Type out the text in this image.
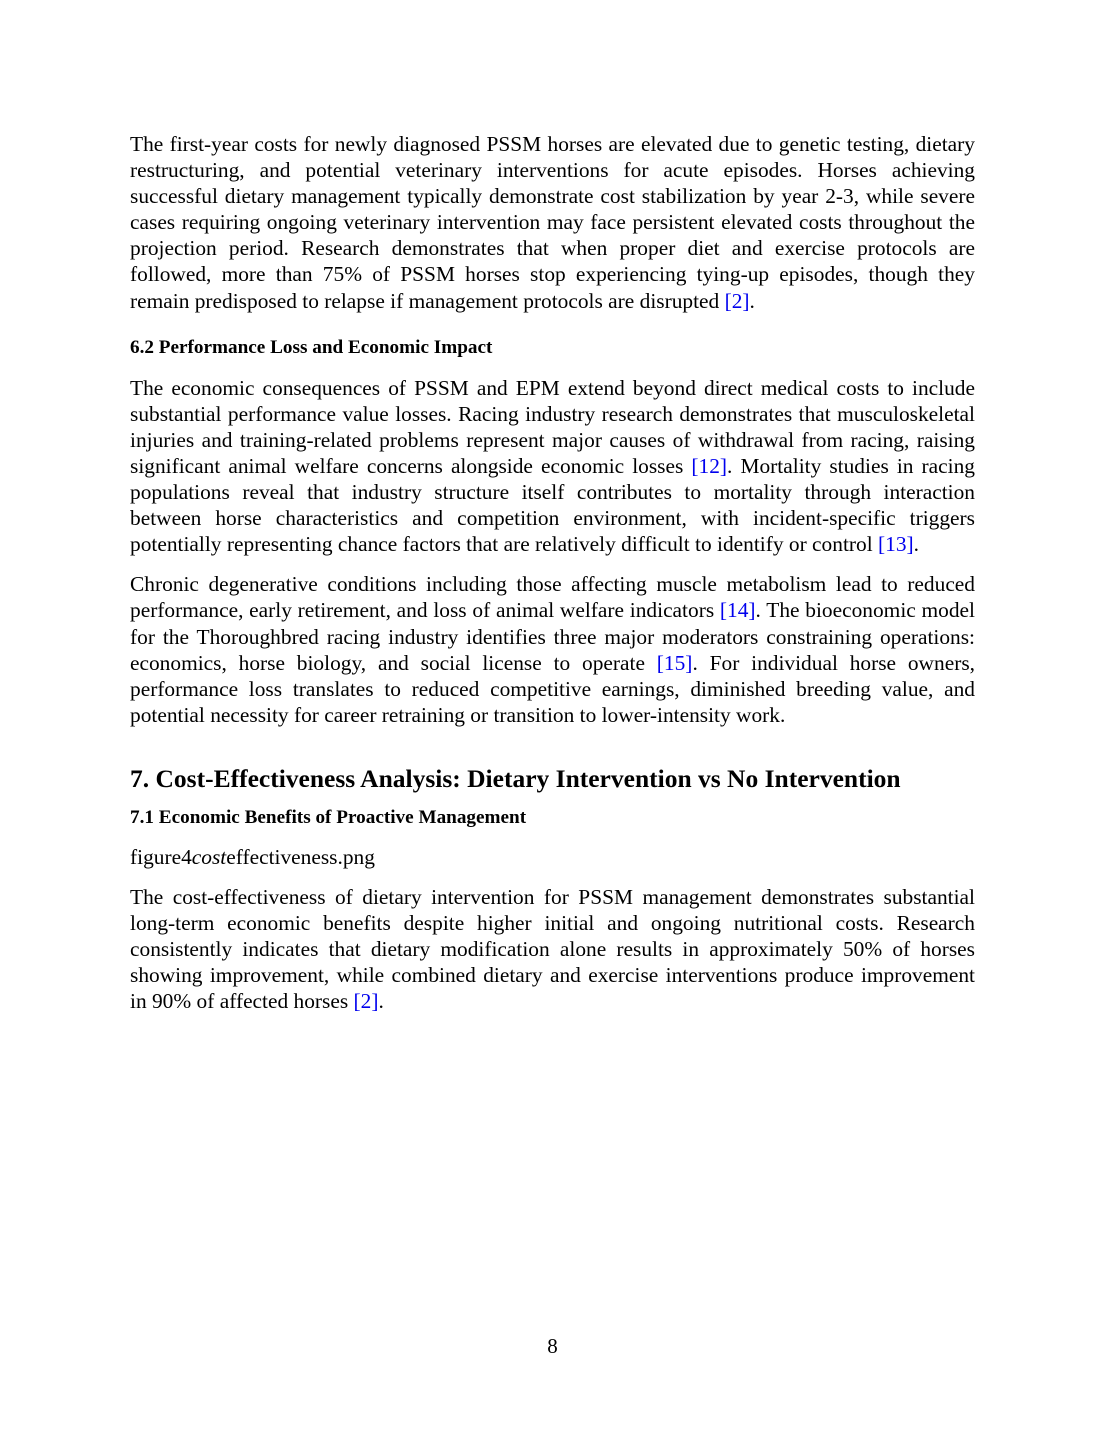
The first-year costs for newly diagnosed PSSM horses are elevated due to genetic testing, dietary restructuring, and potential veterinary interventions for acute episodes. Horses achieving successful dietary management typically demonstrate cost stabilization by year 2-3, while severe cases requiring ongoing veterinary intervention may face persistent elevated costs throughout the projection period. Research demonstrates that when proper diet and exercise protocols are followed, more than 75% of PSSM horses stop experiencing tying-up episodes, though they remain predisposed to relapse if management protocols are disrupted [2].

6.2 Performance Loss and Economic Impact

The economic consequences of PSSM and EPM extend beyond direct medical costs to include substantial performance value losses. Racing industry research demonstrates that musculoskeletal injuries and training-related problems represent major causes of withdrawal from racing, raising significant animal welfare concerns alongside economic losses [12]. Mortality studies in racing populations reveal that industry structure itself contributes to mortality through interaction between horse characteristics and competition environment, with incident-specific triggers potentially representing chance factors that are relatively difficult to identify or control [13].

Chronic degenerative conditions including those affecting muscle metabolism lead to reduced performance, early retirement, and loss of animal welfare indicators [14]. The bioeconomic model for the Thoroughbred racing industry identifies three major moderators constraining operations: economics, horse biology, and social license to operate [15]. For individual horse owners, performance loss translates to reduced competitive earnings, diminished breeding value, and potential necessity for career retraining or transition to lower-intensity work.

7. Cost-Effectiveness Analysis: Dietary Intervention vs No Intervention
7.1 Economic Benefits of Proactive Management

figure4costeffectiveness.png

The cost-effectiveness of dietary intervention for PSSM management demonstrates substantial long-term economic benefits despite higher initial and ongoing nutritional costs. Research consistently indicates that dietary modification alone results in approximately 50% of horses showing improvement, while combined dietary and exercise interventions produce improvement in 90% of affected horses [2].

8
